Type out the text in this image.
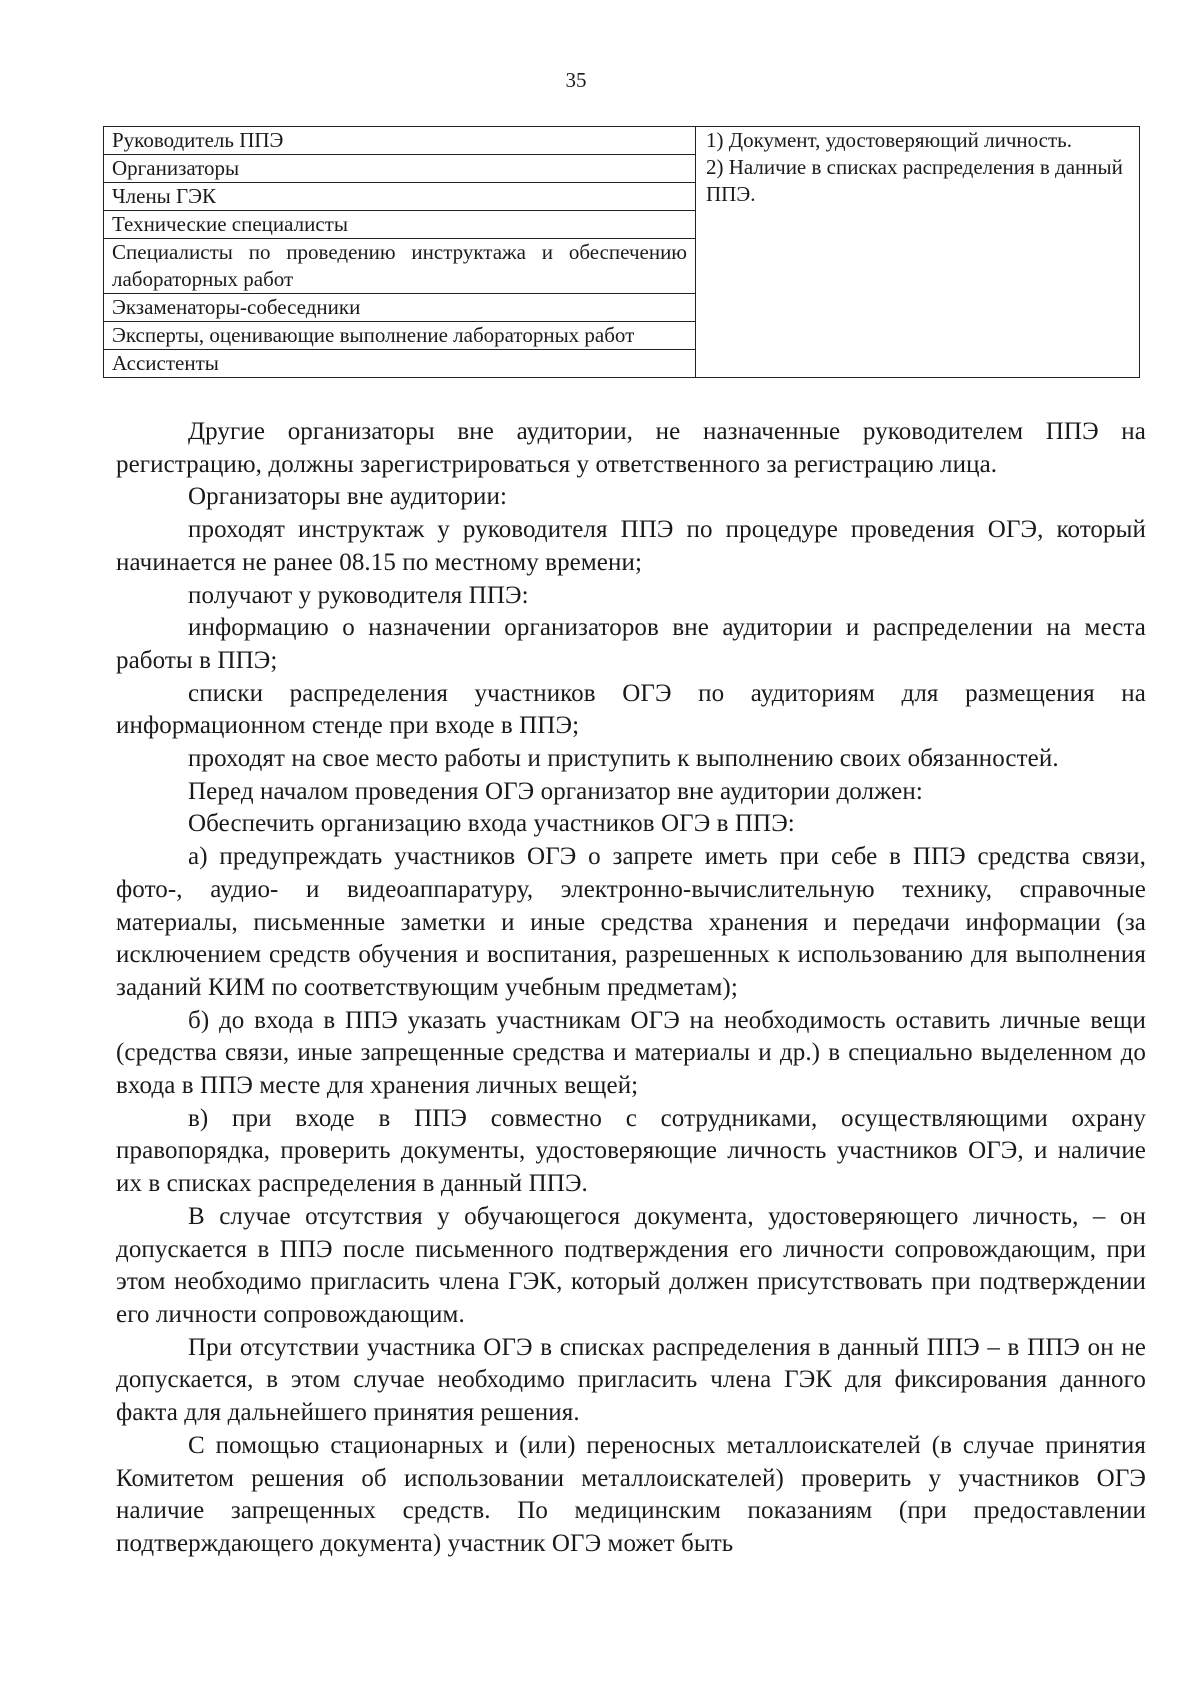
35
Руководитель ППЭ	1) Документ, удостоверяющий личность.
2) Наличие в списках распределения в данный ППЭ.

Организаторы
Члены ГЭК
Технические специалисты
Специалисты по проведению инструктажа и обеспечению лабораторных работ
Экзаменаторы-собеседники
Эксперты, оценивающие выполнение лабораторных работ
Ассистенты

Другие организаторы вне аудитории, не назначенные руководителем ППЭ на регистрацию, должны зарегистрироваться у ответственного за регистрацию лица.

Организаторы вне аудитории:

проходят инструктаж у руководителя ППЭ по процедуре проведения ОГЭ, который начинается не ранее 08.15 по местному времени;

получают у руководителя ППЭ:

информацию о назначении организаторов вне аудитории и распределении на места работы в ППЭ;

списки распределения участников ОГЭ по аудиториям для размещения на информационном стенде при входе в ППЭ;

проходят на свое место работы и приступить к выполнению своих обязанностей.

Перед началом проведения ОГЭ организатор вне аудитории должен:

Обеспечить организацию входа участников ОГЭ в ППЭ:

а) предупреждать участников ОГЭ о запрете иметь при себе в ППЭ средства связи, фото-, аудио- и видеоаппаратуру, электронно-вычислительную технику, справочные материалы, письменные заметки и иные средства хранения и передачи информации (за исключением средств обучения и воспитания, разрешенных к использованию для выполнения заданий КИМ по соответствующим учебным предметам);

б) до входа в ППЭ указать участникам ОГЭ на необходимость оставить личные вещи (средства связи, иные запрещенные средства и материалы и др.) в специально выделенном до входа в ППЭ месте для хранения личных вещей;

в) при входе в ППЭ совместно с сотрудниками, осуществляющими охрану правопорядка, проверить документы, удостоверяющие личность участников ОГЭ, и наличие их в списках распределения в данный ППЭ.

В случае отсутствия у обучающегося документа, удостоверяющего личность, – он допускается в ППЭ после письменного подтверждения его личности сопровождающим, при этом необходимо пригласить члена ГЭК, который должен присутствовать при подтверждении его личности сопровождающим.

При отсутствии участника ОГЭ в списках распределения в данный ППЭ – в ППЭ он не допускается, в этом случае необходимо пригласить члена ГЭК для фиксирования данного факта для дальнейшего принятия решения.

С помощью стационарных и (или) переносных металлоискателей (в случае принятия Комитетом решения об использовании металлоискателей) проверить у участников ОГЭ наличие запрещенных средств. По медицинским показаниям (при предоставлении подтверждающего документа) участник ОГЭ может быть
